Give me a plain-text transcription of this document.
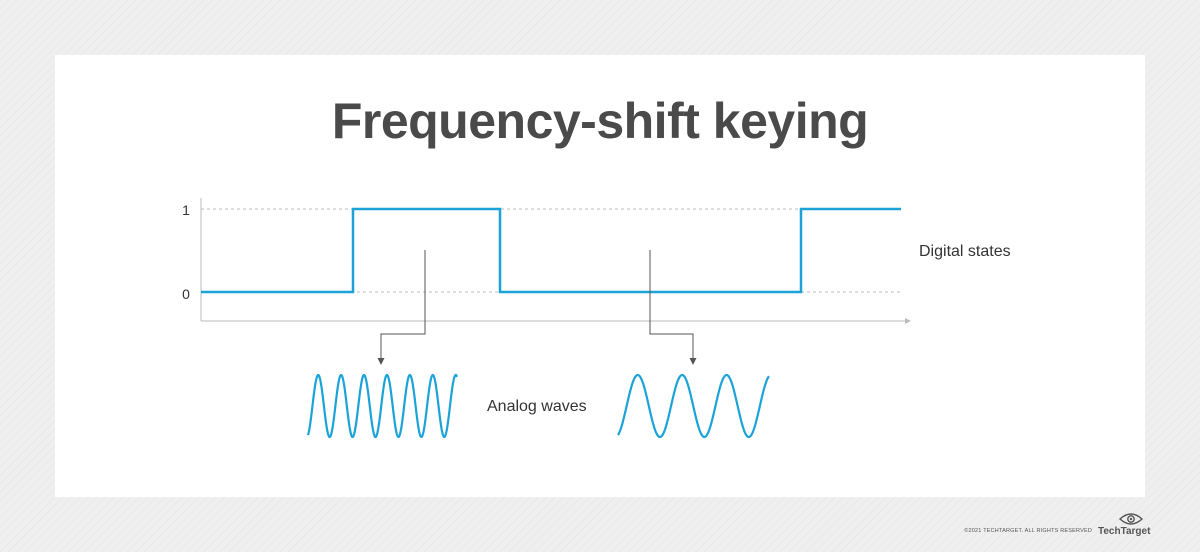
Frequency-shift keying
1
0
Digital states
Analog waves
©2021 TECHTARGET. ALL RIGHTS RESERVED TechTarget
